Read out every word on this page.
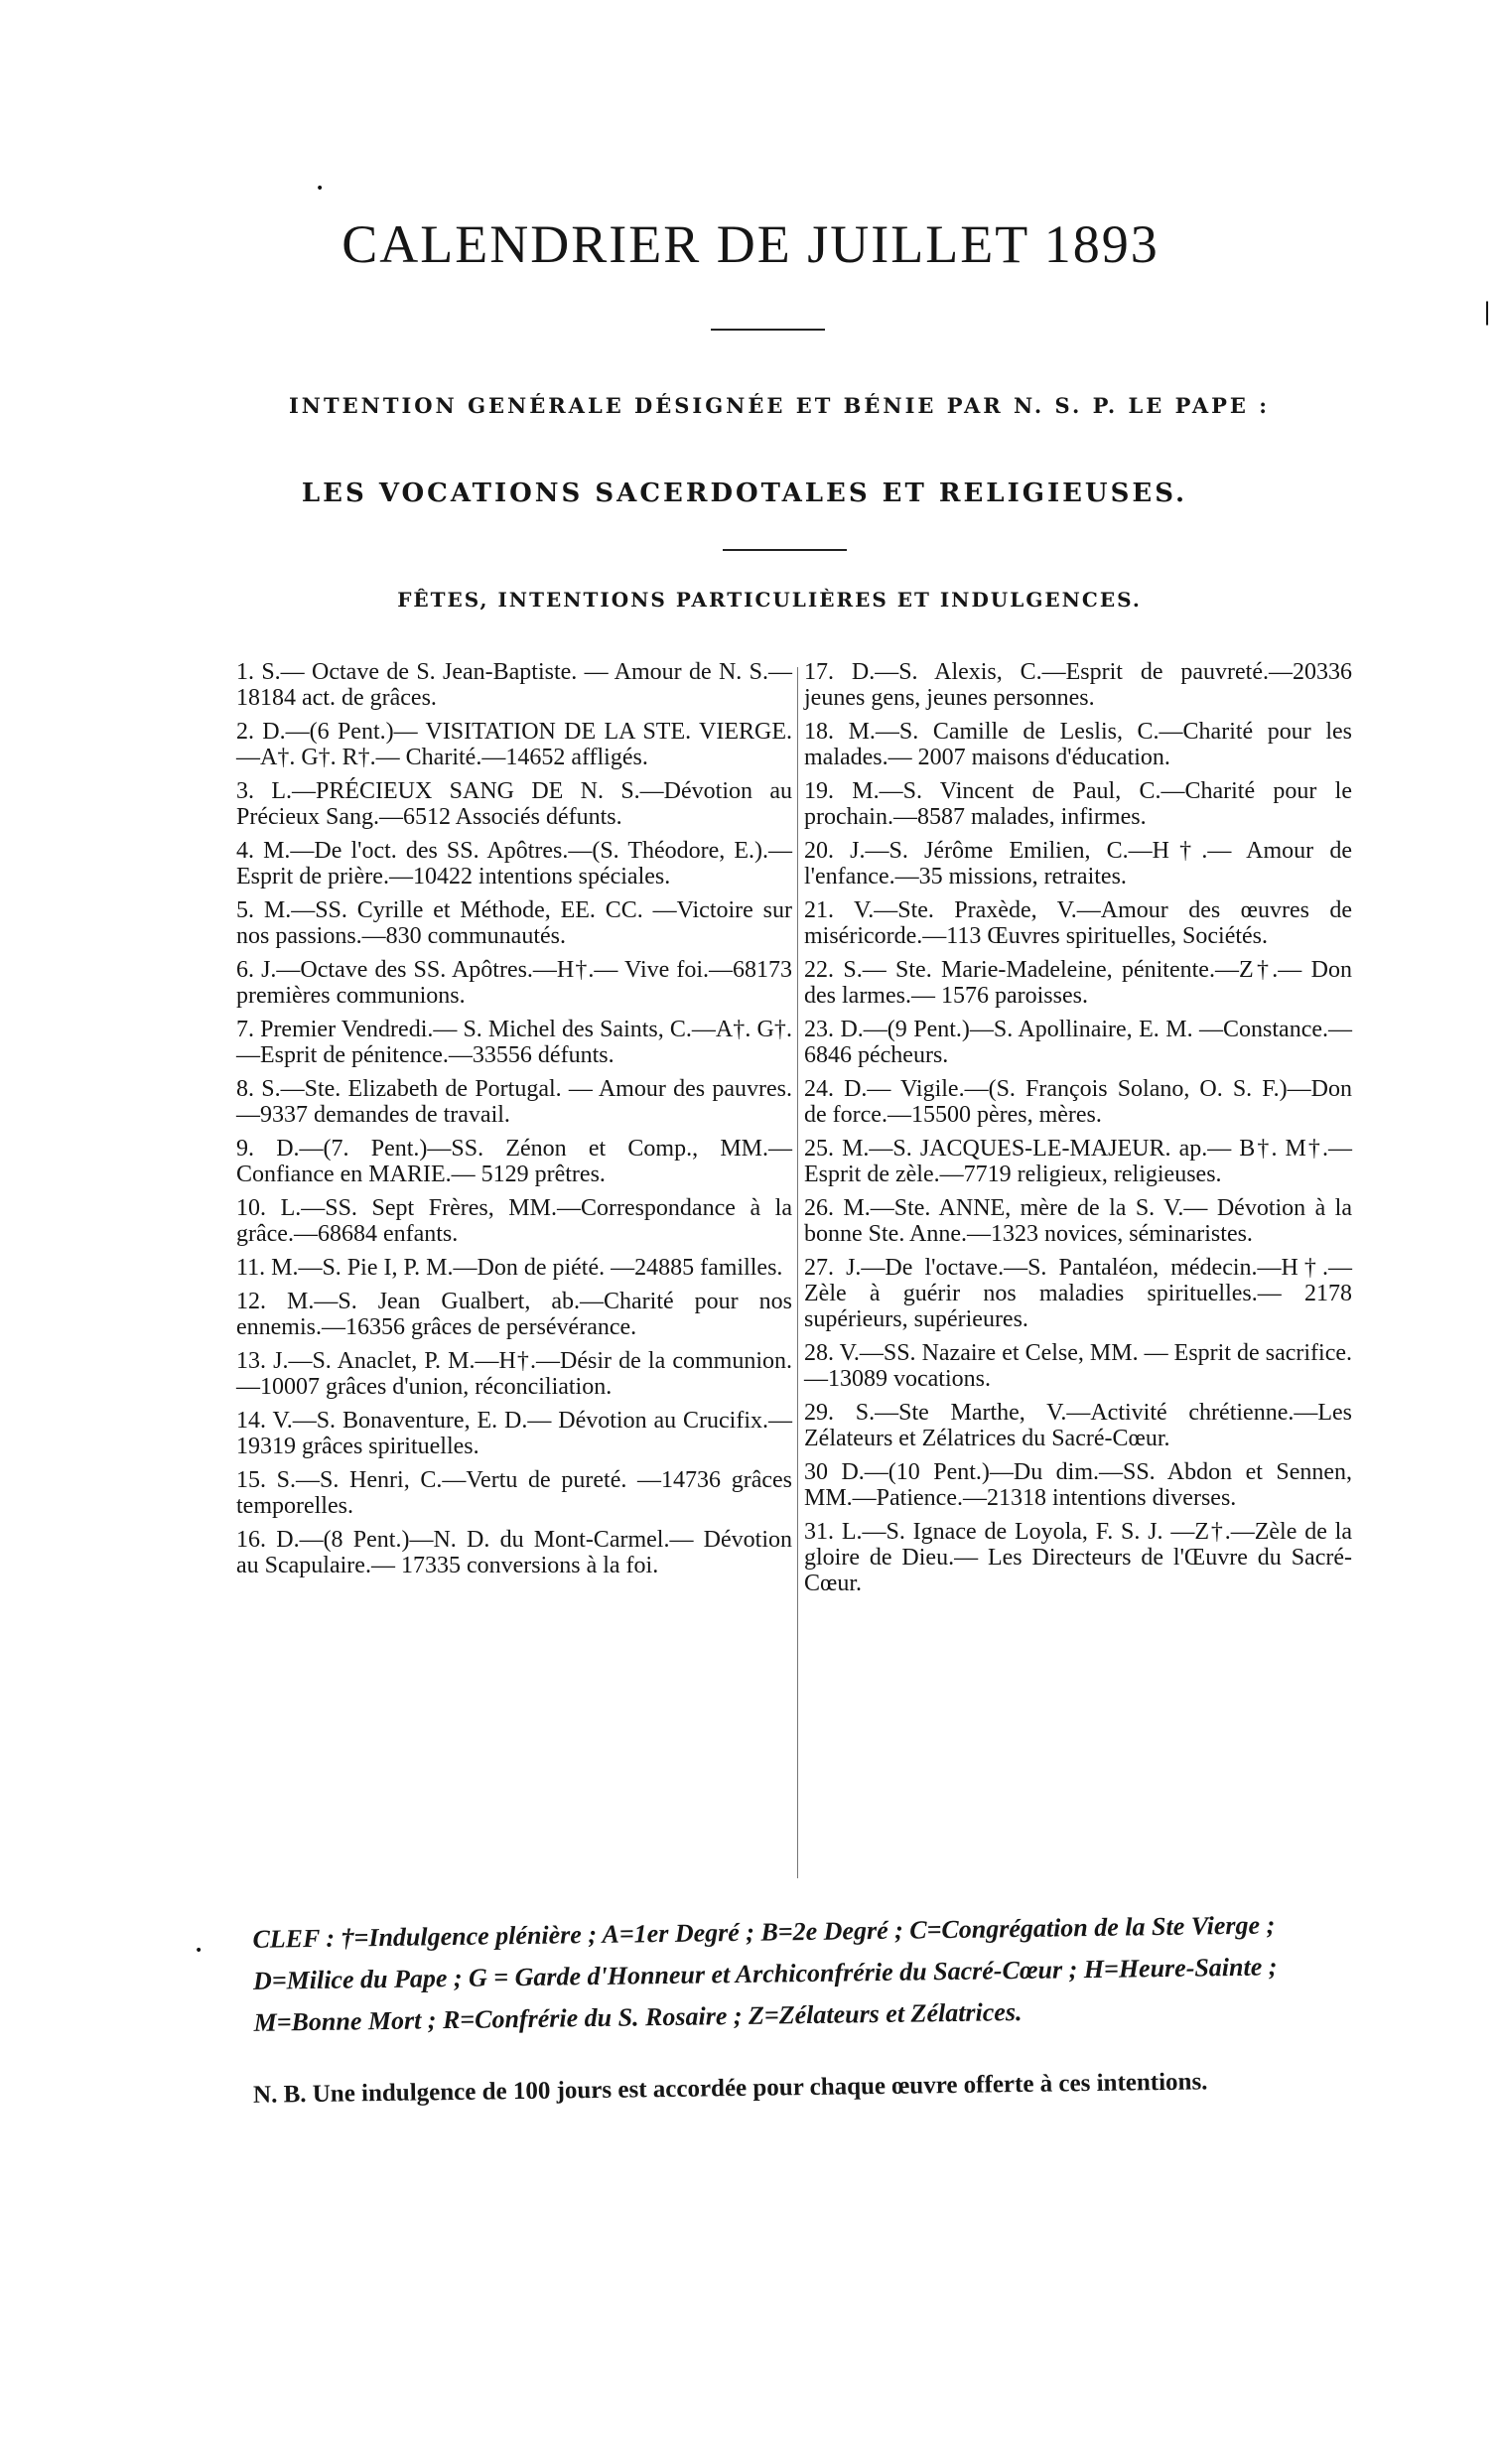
•
|
CALENDRIER DE JUILLET 1893
INTENTION GENÉRALE DÉSIGNÉE ET BÉNIE PAR N. S. P. LE PAPE :
LES VOCATIONS SACERDOTALES ET RELIGIEUSES.
FÊTES, INTENTIONS PARTICULIÈRES ET INDULGENCES.

1. S.— Octave de S. Jean-Baptiste. — Amour de N. S.—18184 act. de grâces.

2. D.—(6 Pent.)— VISITATION DE LA STE. VIERGE.—A†. G†. R†.— Charité.—14652 affligés.

3. L.—PRÉCIEUX SANG DE N. S.—Dévotion au Précieux Sang.—6512 Associés défunts.

4. M.—De l'oct. des SS. Apôtres.—(S. Théodore, E.).—Esprit de prière.—10422 intentions spéciales.

5. M.—SS. Cyrille et Méthode, EE. CC. —Victoire sur nos passions.—830 communautés.

6. J.—Octave des SS. Apôtres.—H†.— Vive foi.—68173 premières communions.

7. Premier Vendredi.— S. Michel des Saints, C.—A†. G†.—Esprit de pénitence.—33556 défunts.

8. S.—Ste. Elizabeth de Portugal. — Amour des pauvres.—9337 demandes de travail.

9. D.—(7. Pent.)—SS. Zénon et Comp., MM.—Confiance en MARIE.— 5129 prêtres.

10. L.—SS. Sept Frères, MM.—Correspondance à la grâce.—68684 enfants.

11. M.—S. Pie I, P. M.—Don de piété. —24885 familles.

12. M.—S. Jean Gualbert, ab.—Charité pour nos ennemis.—16356 grâces de persévérance.

13. J.—S. Anaclet, P. M.—H†.—Désir de la communion.—10007 grâces d'union, réconciliation.

14. V.—S. Bonaventure, E. D.— Dévotion au Crucifix.—19319 grâces spirituelles.

15. S.—S. Henri, C.—Vertu de pureté. —14736 grâces temporelles.

16. D.—(8 Pent.)—N. D. du Mont-Carmel.— Dévotion au Scapulaire.— 17335 conversions à la foi.

17. D.—S. Alexis, C.—Esprit de pauvreté.—20336 jeunes gens, jeunes personnes.

18. M.—S. Camille de Leslis, C.—Charité pour les malades.— 2007 maisons d'éducation.

19. M.—S. Vincent de Paul, C.—Charité pour le prochain.—8587 malades, infirmes.

20. J.—S. Jérôme Emilien, C.—H†.— Amour de l'enfance.—35 missions, retraites.

21. V.—Ste. Praxède, V.—Amour des œuvres de miséricorde.—113 Œuvres spirituelles, Sociétés.

22. S.— Ste. Marie-Madeleine, pénitente.—Z†.— Don des larmes.— 1576 paroisses.

23. D.—(9 Pent.)—S. Apollinaire, E. M. —Constance.—6846 pécheurs.

24. D.— Vigile.—(S. François Solano, O. S. F.)—Don de force.—15500 pères, mères.

25. M.—S. JACQUES-LE-MAJEUR. ap.— B†. M†.—Esprit de zèle.—7719 religieux, religieuses.

26. M.—Ste. ANNE, mère de la S. V.— Dévotion à la bonne Ste. Anne.—1323 novices, séminaristes.

27. J.—De l'octave.—S. Pantaléon, médecin.—H†.—Zèle à guérir nos maladies spirituelles.— 2178 supérieurs, supérieures.

28. V.—SS. Nazaire et Celse, MM. — Esprit de sacrifice.—13089 vocations.

29. S.—Ste Marthe, V.—Activité chrétienne.—Les Zélateurs et Zélatrices du Sacré-Cœur.

30 D.—(10 Pent.)—Du dim.—SS. Abdon et Sennen, MM.—Patience.—21318 intentions diverses.

31. L.—S. Ignace de Loyola, F. S. J. —Z†.—Zèle de la gloire de Dieu.— Les Directeurs de l'Œuvre du Sacré-Cœur.

• CLEF : †=Indulgence plénière ; A=1er Degré ; B=2e Degré ; C=Congrégation de la Ste Vierge ; D=Milice du Pape ; G = Garde d'Honneur et Archiconfrérie du Sacré-Cœur ; H=Heure-Sainte ; M=Bonne Mort ; R=Confrérie du S. Rosaire ; Z=Zélateurs et Zélatrices.
N. B. Une indulgence de 100 jours est accordée pour chaque œuvre offerte à ces intentions.
